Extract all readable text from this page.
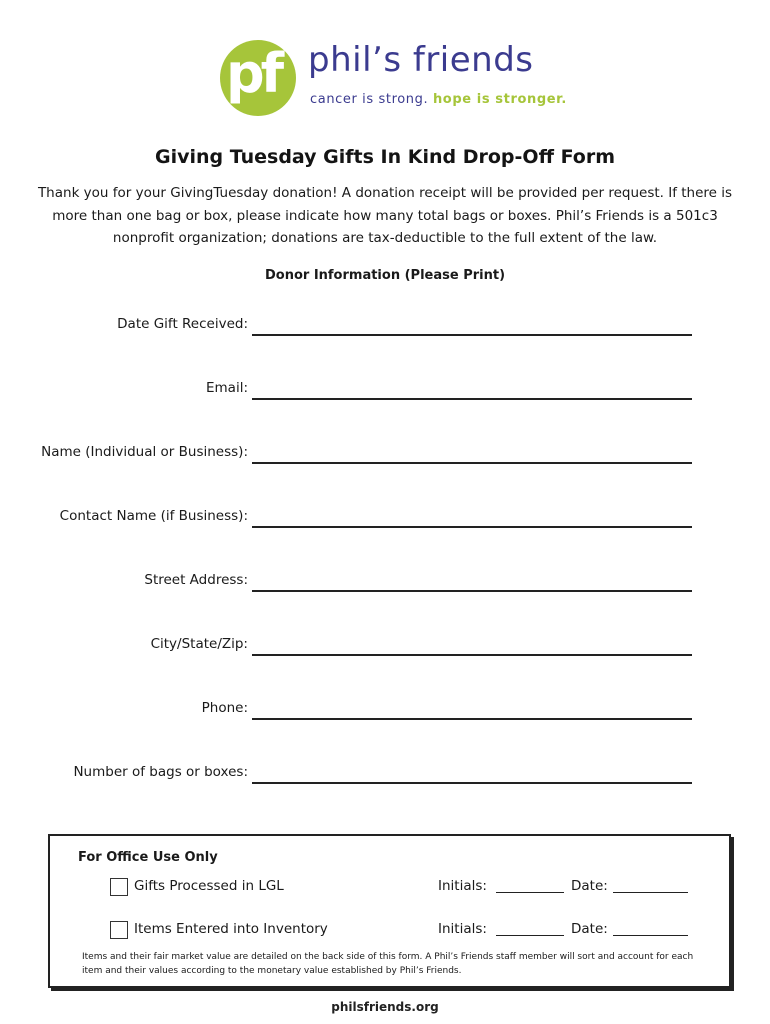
pf phil’s friends
cancer is strong. hope is stronger.
Giving Tuesday Gifts In Kind Drop-Off Form
Thank you for your GivingTuesday donation! A donation receipt will be provided per request. If there is more than one bag or box, please indicate how many total bags or boxes. Phil’s Friends is a 501c3 nonprofit organization; donations are tax-deductible to the full extent of the law.
Donor Information (Please Print)
Date Gift Received:
Email:
Name (Individual or Business):
Contact Name (if Business):
Street Address:
City/State/Zip:
Phone:
Number of bags or boxes:
For Office Use Only
Gifts Processed in LGL	Initials:	Date:
Items Entered into Inventory	Initials:	Date:
Items and their fair market value are detailed on the back side of this form. A Phil’s Friends staff member will sort and account for each item and their values according to the monetary value established by Phil’s Friends.
philsfriends.org
